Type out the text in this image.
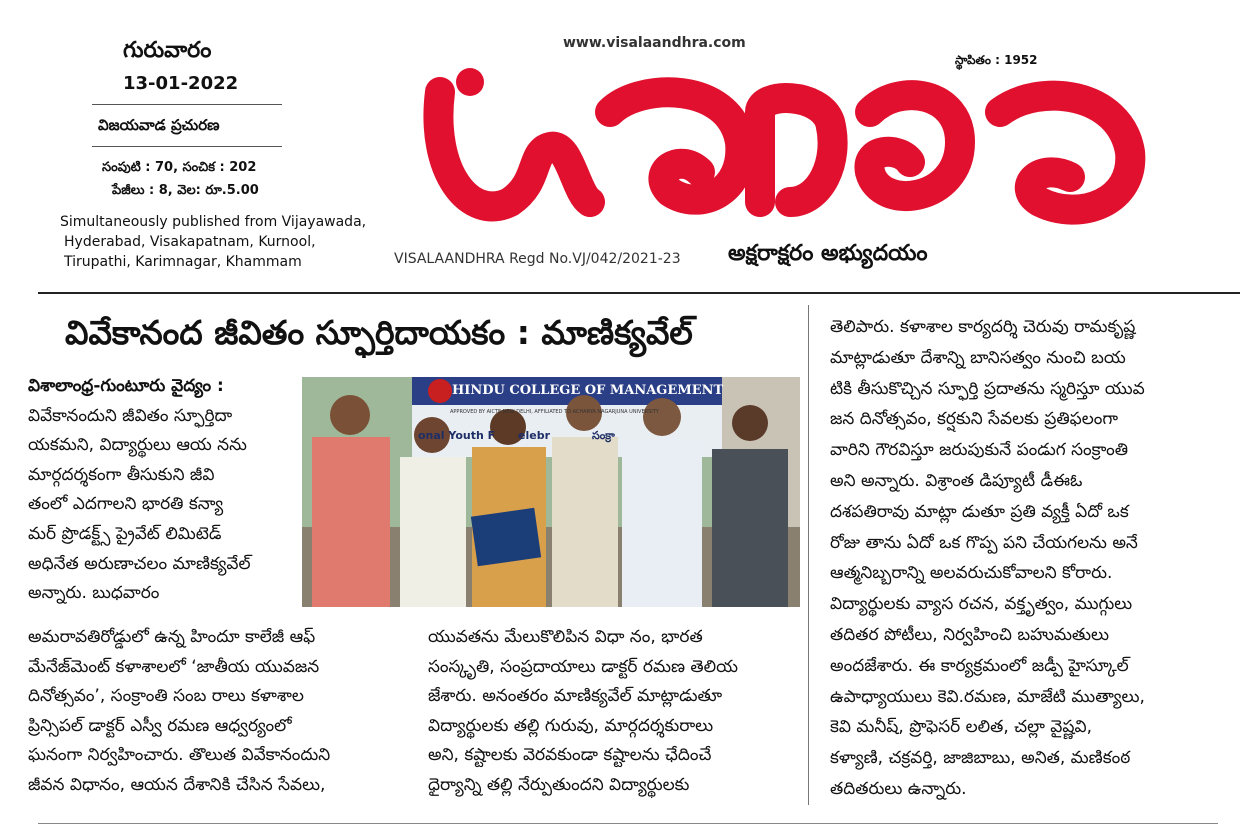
గురువారం
13-01-2022
విజయవాడ ప్రచురణ
సంపుటి : 70, సంచిక : 202
పేజీలు : 8, వెల: రూ.5.00
Simultaneously published from Vijayawada,
Hyderabad, Visakapatnam, Kurnool,
Tirupathi, Karimnagar, Khammam
www.visalaandhra.com
స్థాపితం : 1952
VISALAANDHRA Regd No.VJ/042/2021-23 అక్షరాక్షరం అభ్యుదయం
వివేకానంద జీవితం స్ఫూర్తిదాయకం : మాణిక్యవేల్
విశాలాంధ్ర-గుంటూరు వైద్యం :
వివేకానందుని జీవితం స్ఫూర్తిదా
యకమని, విద్యార్థులు ఆయ నను
మార్గదర్శకంగా తీసుకుని జీవి
తంలో ఎదగాలని భారతి కన్యా
మర్ ప్రొడక్ట్స్ ప్రైవేట్ లిమిటెడ్
అధినేత అరుణాచలం మాణిక్యవేల్
అన్నారు. బుధవారం
అమరావతిరోడ్డులో ఉన్న హిందూ కాలేజీ ఆఫ్
మేనేజ్‌మెంట్ కళాశాలలో ‘జాతీయ యువజన
దినోత్సవం’, సంక్రాంతి సంబ రాలు కళాశాల
ప్రిన్సిపల్ డాక్టర్ ఎస్వీ రమణ ఆధ్వర్యంలో
ఘనంగా నిర్వహించారు. తొలుత వివేకానందుని
జీవన విధానం, ఆయన దేశానికి చేసిన సేవలు,
యువతను మేలుకొలిపిన విధా నం, భారత
సంస్కృతి, సంప్రదాయాలు డాక్టర్ రమణ తెలియ
జేశారు. అనంతరం మాణిక్యవేల్ మాట్లాడుతూ
విద్యార్థులకు తల్లి గురువు, మార్గదర్శకురాలు
అని, కష్టాలకు వెరవకుండా కష్టాలను ఛేదించే
ధైర్యాన్ని తల్లి నేర్పుతుందని విద్యార్థులకు
తెలిపారు. కళాశాల కార్యదర్శి చెరువు రామకృష్ణ
మాట్లాడుతూ దేశాన్ని బానిసత్వం నుంచి బయ
టికి తీసుకొచ్చిన స్ఫూర్తి ప్రదాతను స్మరిస్తూ యువ
జన దినోత్సవం, కర్షకుని సేవలకు ప్రతిఫలంగా
వారిని గౌరవిస్తూ జరుపుకునే పండుగ సంక్రాంతి
అని అన్నారు. విశ్రాంత డిప్యూటీ డీఈఓ
దశపతిరావు మాట్లా డుతూ ప్రతి వ్యక్తీ ఏదో ఒక
రోజు తాను ఏదో ఒక గొప్ప పని చేయగలను అనే
ఆత్మనిబ్బరాన్ని అలవరుచుకోవాలని కోరారు.
విద్యార్థులకు వ్యాస రచన, వక్తృత్వం, ముగ్గులు
తదితర పోటీలు, నిర్వహించి బహుమతులు
అందజేశారు. ఈ కార్యక్రమంలో జడ్పీ హైస్కూల్
ఉపాధ్యాయులు కెవి.రమణ, మాజేటి ముత్యాలు,
కెవి మనీష్, ప్రొఫెసర్ లలిత, చల్లా వైష్ణవి,
కళ్యాణి, చక్రవర్తి, జాజిబాబు, అనిత, మణికంఠ
తదితరులు ఉన్నారు.
HINDU COLLEGE OF MANAGEMENT
APPROVED BY AICTE NEW DELHI, AFFILIATED TO ACHARYA NAGARJUNA UNIVERSITY
onal Youth F elebr	సంక్రా
